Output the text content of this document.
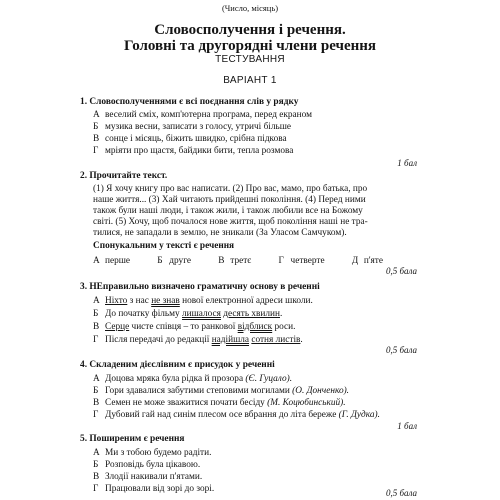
(Число, місяць)
Словосполучення і речення.
Головні та другорядні члени речення
ТЕСТУВАННЯ
ВАРІАНТ 1
1. Словосполученнями є всі поєднання слів у рядку
А веселий сміх, комп'ютерна програма, перед екраном
Б музика весни, записати з голосу, утричі більше
В сонце і місяць, біжить швидко, срібна підкова
Г мріяти про щастя, байдики бити, тепла розмова
1 бал
2. Прочитайте текст.
(1) Я хочу книгу про вас написати. (2) Про вас, мамо, про батька, про
наше життя... (3) Хай читають прийдешні покоління. (4) Перед ними
також були наші люди, і також жили, і також любили все на Божому
світі. (5) Хочу, щоб почалося нове життя, щоб покоління наші не тра-
тилися, не западали в землю, не зникали (За Уласом Самчуком).
Спонукальним у тексті є речення
А перше	Б друге	В третє	Г четверте	Д п'яте
0,5 бала
3. НЕправильно визначено граматичну основу в реченні
А Ніхто з нас не знав нової електронної адреси школи.
Б До початку фільму лишалося десять хвилин.
В Серце чисте співця – то ранкової відблиск роси.
Г Після передачі до редакції надійшла сотня листів.
0,5 бала
4. Складеним дієслівним є присудок у реченні
А Доцова мряка була рідка й прозора (Є. Гуцало).
Б Гори здавалися забутими степовими могилами (О. Донченко).
В Семен не може зважитися почати бесіду (М. Коцюбинський).
Г Дубовий гай над синім плесом осе вбрання до літа береже (Г. Дудка).
1 бал
5. Поширеним є речення
А Ми з тобою будемо радіти.
Б Розповідь була цікавою.
В Злодії накивали п'ятами.
Г Працювали від зорі до зорі.	0,5 бала
